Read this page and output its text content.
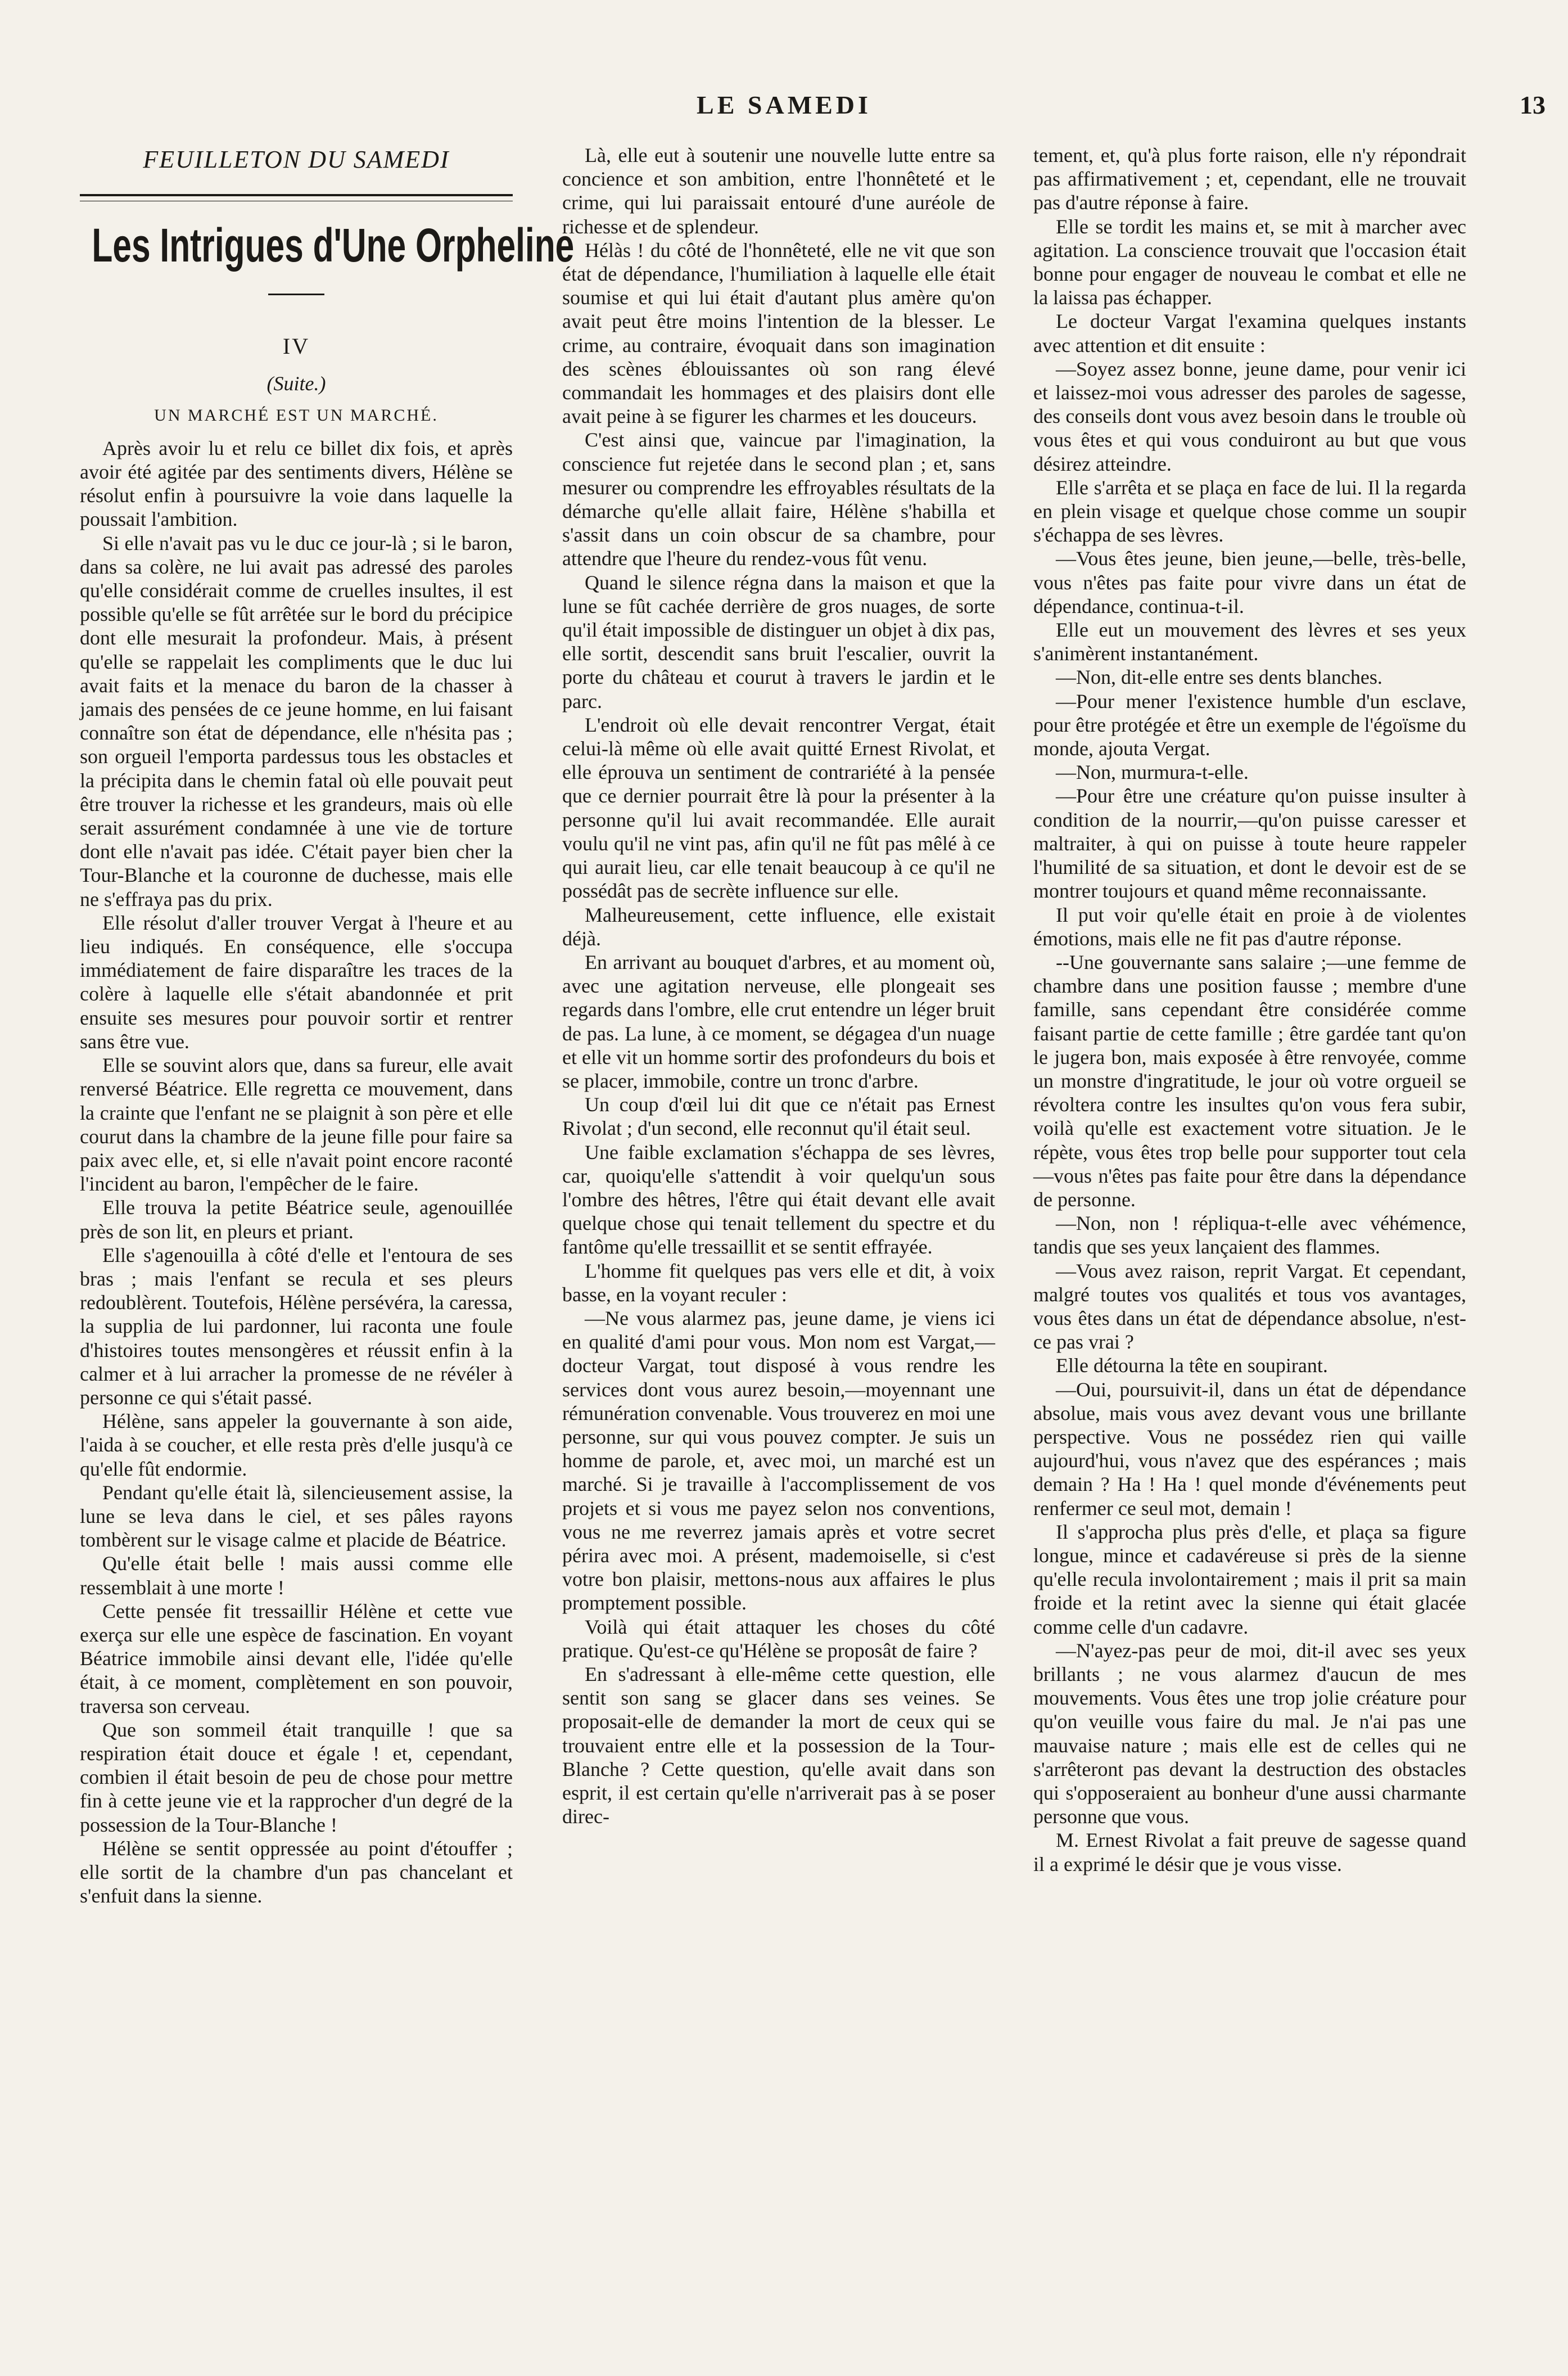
LE SAMEDI	13
FEUILLETON DU SAMEDI
Les Intrigues d'Une Orpheline
IV
(Suite.)
UN MARCHÉ EST UN MARCHÉ.

Après avoir lu et relu ce billet dix fois, et après avoir été agitée par des sentiments divers, Hélène se résolut enfin à poursuivre la voie dans laquelle la poussait l'ambition.

Si elle n'avait pas vu le duc ce jour-là ; si le baron, dans sa colère, ne lui avait pas adressé des paroles qu'elle considérait comme de cruelles insultes, il est possible qu'elle se fût arrêtée sur le bord du précipice dont elle mesurait la profondeur. Mais, à présent qu'elle se rappelait les compliments que le duc lui avait faits et la menace du baron de la chasser à jamais des pensées de ce jeune homme, en lui faisant connaître son état de dépendance, elle n'hésita pas ; son orgueil l'emporta pardessus tous les obstacles et la précipita dans le chemin fatal où elle pouvait peut être trouver la richesse et les grandeurs, mais où elle serait assurément condamnée à une vie de torture dont elle n'avait pas idée. C'était payer bien cher la Tour-Blanche et la couronne de duchesse, mais elle ne s'effraya pas du prix.

Elle résolut d'aller trouver Vergat à l'heure et au lieu indiqués. En conséquence, elle s'occupa immédiatement de faire disparaître les traces de la colère à laquelle elle s'était abandonnée et prit ensuite ses mesures pour pouvoir sortir et rentrer sans être vue.

Elle se souvint alors que, dans sa fureur, elle avait renversé Béatrice. Elle regretta ce mouvement, dans la crainte que l'enfant ne se plaignit à son père et elle courut dans la chambre de la jeune fille pour faire sa paix avec elle, et, si elle n'avait point encore raconté l'incident au baron, l'empêcher de le faire.

Elle trouva la petite Béatrice seule, agenouillée près de son lit, en pleurs et priant.

Elle s'agenouilla à côté d'elle et l'entoura de ses bras ; mais l'enfant se recula et ses pleurs redoublèrent. Toutefois, Hélène persévéra, la caressa, la supplia de lui pardonner, lui raconta une foule d'histoires toutes mensongères et réussit enfin à la calmer et à lui arracher la promesse de ne révéler à personne ce qui s'était passé.

Hélène, sans appeler la gouvernante à son aide, l'aida à se coucher, et elle resta près d'elle jusqu'à ce qu'elle fût endormie.

Pendant qu'elle était là, silencieusement assise, la lune se leva dans le ciel, et ses pâles rayons tombèrent sur le visage calme et placide de Béatrice.

Qu'elle était belle ! mais aussi comme elle ressemblait à une morte !

Cette pensée fit tressaillir Hélène et cette vue exerça sur elle une espèce de fascination. En voyant Béatrice immobile ainsi devant elle, l'idée qu'elle était, à ce moment, complètement en son pouvoir, traversa son cerveau.

Que son sommeil était tranquille ! que sa respiration était douce et égale ! et, cependant, combien il était besoin de peu de chose pour mettre fin à cette jeune vie et la rapprocher d'un degré de la possession de la Tour-Blanche !

Hélène se sentit oppressée au point d'étouffer ; elle sortit de la chambre d'un pas chancelant et s'enfuit dans la sienne.

Là, elle eut à soutenir une nouvelle lutte entre sa concience et son ambition, entre l'honnêteté et le crime, qui lui paraissait entouré d'une auréole de richesse et de splendeur.

Hélàs ! du côté de l'honnêteté, elle ne vit que son état de dépendance, l'humiliation à laquelle elle était soumise et qui lui était d'autant plus amère qu'on avait peut être moins l'intention de la blesser. Le crime, au contraire, évoquait dans son imagination des scènes éblouissantes où son rang élevé commandait les hommages et des plaisirs dont elle avait peine à se figurer les charmes et les douceurs.

C'est ainsi que, vaincue par l'imagination, la conscience fut rejetée dans le second plan ; et, sans mesurer ou comprendre les effroyables résultats de la démarche qu'elle allait faire, Hélène s'habilla et s'assit dans un coin obscur de sa chambre, pour attendre que l'heure du rendez-vous fût venu.

Quand le silence régna dans la maison et que la lune se fût cachée derrière de gros nuages, de sorte qu'il était impossible de distinguer un objet à dix pas, elle sortit, descendit sans bruit l'escalier, ouvrit la porte du château et courut à travers le jardin et le parc.

L'endroit où elle devait rencontrer Vergat, était celui-là même où elle avait quitté Ernest Rivolat, et elle éprouva un sentiment de contrariété à la pensée que ce dernier pourrait être là pour la présenter à la personne qu'il lui avait recommandée. Elle aurait voulu qu'il ne vint pas, afin qu'il ne fût pas mêlé à ce qui aurait lieu, car elle tenait beaucoup à ce qu'il ne possédât pas de secrète influence sur elle.

Malheureusement, cette influence, elle existait déjà.

En arrivant au bouquet d'arbres, et au moment où, avec une agitation nerveuse, elle plongeait ses regards dans l'ombre, elle crut entendre un léger bruit de pas. La lune, à ce moment, se dégagea d'un nuage et elle vit un homme sortir des profondeurs du bois et se placer, immobile, contre un tronc d'arbre.

Un coup d'œil lui dit que ce n'était pas Ernest Rivolat ; d'un second, elle reconnut qu'il était seul.

Une faible exclamation s'échappa de ses lèvres, car, quoiqu'elle s'attendit à voir quelqu'un sous l'ombre des hêtres, l'être qui était devant elle avait quelque chose qui tenait tellement du spectre et du fantôme qu'elle tressaillit et se sentit effrayée.

L'homme fit quelques pas vers elle et dit, à voix basse, en la voyant reculer :

—Ne vous alarmez pas, jeune dame, je viens ici en qualité d'ami pour vous. Mon nom est Vargat,—docteur Vargat, tout disposé à vous rendre les services dont vous aurez besoin,—moyennant une rémunération convenable. Vous trouverez en moi une personne, sur qui vous pouvez compter. Je suis un homme de parole, et, avec moi, un marché est un marché. Si je travaille à l'accomplissement de vos projets et si vous me payez selon nos conventions, vous ne me reverrez jamais après et votre secret périra avec moi. A présent, mademoiselle, si c'est votre bon plaisir, mettons-nous aux affaires le plus promptement possible.

Voilà qui était attaquer les choses du côté pratique. Qu'est-ce qu'Hélène se proposât de faire ?

En s'adressant à elle-même cette question, elle sentit son sang se glacer dans ses veines. Se proposait-elle de demander la mort de ceux qui se trouvaient entre elle et la possession de la Tour-Blanche ? Cette question, qu'elle avait dans son esprit, il est certain qu'elle n'arriverait pas à se poser direc-

tement, et, qu'à plus forte raison, elle n'y répondrait pas affirmativement ; et, cependant, elle ne trouvait pas d'autre réponse à faire.

Elle se tordit les mains et, se mit à marcher avec agitation. La conscience trouvait que l'occasion était bonne pour engager de nouveau le combat et elle ne la laissa pas échapper.

Le docteur Vargat l'examina quelques instants avec attention et dit ensuite :

—Soyez assez bonne, jeune dame, pour venir ici et laissez-moi vous adresser des paroles de sagesse, des conseils dont vous avez besoin dans le trouble où vous êtes et qui vous conduiront au but que vous désirez atteindre.

Elle s'arrêta et se plaça en face de lui. Il la regarda en plein visage et quelque chose comme un soupir s'échappa de ses lèvres.

—Vous êtes jeune, bien jeune,—belle, très-belle, vous n'êtes pas faite pour vivre dans un état de dépendance, continua-t-il.

Elle eut un mouvement des lèvres et ses yeux s'animèrent instantanément.

—Non, dit-elle entre ses dents blanches.

—Pour mener l'existence humble d'un esclave, pour être protégée et être un exemple de l'égoïsme du monde, ajouta Vergat.

—Non, murmura-t-elle.

—Pour être une créature qu'on puisse insulter à condition de la nourrir,—qu'on puisse caresser et maltraiter, à qui on puisse à toute heure rappeler l'humilité de sa situation, et dont le devoir est de se montrer toujours et quand même reconnaissante.

Il put voir qu'elle était en proie à de violentes émotions, mais elle ne fit pas d'autre réponse.

--Une gouvernante sans salaire ;—une femme de chambre dans une position fausse ; membre d'une famille, sans cependant être considérée comme faisant partie de cette famille ; être gardée tant qu'on le jugera bon, mais exposée à être renvoyée, comme un monstre d'ingratitude, le jour où votre orgueil se révoltera contre les insultes qu'on vous fera subir, voilà qu'elle est exactement votre situation. Je le répète, vous êtes trop belle pour supporter tout cela—vous n'êtes pas faite pour être dans la dépendance de personne.

—Non, non ! répliqua-t-elle avec véhémence, tandis que ses yeux lançaient des flammes.

—Vous avez raison, reprit Vargat. Et cependant, malgré toutes vos qualités et tous vos avantages, vous êtes dans un état de dépendance absolue, n'est-ce pas vrai ?

Elle détourna la tête en soupirant.

—Oui, poursuivit-il, dans un état de dépendance absolue, mais vous avez devant vous une brillante perspective. Vous ne possédez rien qui vaille aujourd'hui, vous n'avez que des espérances ; mais demain ? Ha ! Ha ! quel monde d'événements peut renfermer ce seul mot, demain !

Il s'approcha plus près d'elle, et plaça sa figure longue, mince et cadavéreuse si près de la sienne qu'elle recula involontairement ; mais il prit sa main froide et la retint avec la sienne qui était glacée comme celle d'un cadavre.

—N'ayez-pas peur de moi, dit-il avec ses yeux brillants ; ne vous alarmez d'aucun de mes mouvements. Vous êtes une trop jolie créature pour qu'on veuille vous faire du mal. Je n'ai pas une mauvaise nature ; mais elle est de celles qui ne s'arrêteront pas devant la destruction des obstacles qui s'opposeraient au bonheur d'une aussi charmante personne que vous.

M. Ernest Rivolat a fait preuve de sagesse quand il a exprimé le désir que je vous visse.
